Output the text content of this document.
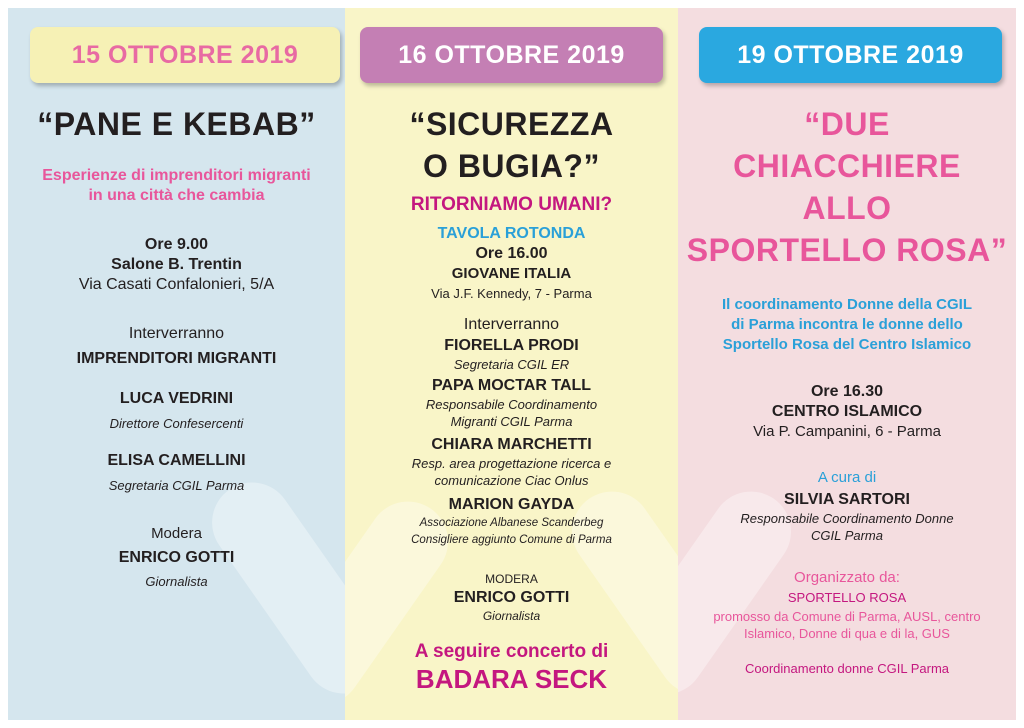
15 OTTOBRE 2019
“PANE E KEBAB”
Esperienze di imprenditori migranti
in una città che cambia
Ore 9.00
Salone B. Trentin
Via Casati Confalonieri, 5/A
Interverranno
IMPRENDITORI MIGRANTI
LUCA VEDRINI
Direttore Confesercenti
ELISA CAMELLINI
Segretaria CGIL Parma
Modera
ENRICO GOTTI
Giornalista
16 OTTOBRE 2019
“SICUREZZA
O BUGIA?”
RITORNIAMO UMANI?
TAVOLA ROTONDA
Ore 16.00
GIOVANE ITALIA
Via J.F. Kennedy, 7 - Parma
Interverranno
FIORELLA PRODI
Segretaria CGIL ER
PAPA MOCTAR TALL
Responsabile Coordinamento
Migranti CGIL Parma
CHIARA MARCHETTI
Resp. area progettazione ricerca e
comunicazione Ciac Onlus
MARION GAYDA
Associazione Albanese Scanderbeg
Consigliere aggiunto Comune di Parma
MODERA
ENRICO GOTTI
Giornalista
A seguire concerto di
BADARA SECK
19 OTTOBRE 2019
“DUE
CHIACCHIERE
ALLO
SPORTELLO ROSA”
Il coordinamento Donne della CGIL
di Parma incontra le donne dello
Sportello Rosa del Centro Islamico
Ore 16.30
CENTRO ISLAMICO
Via P. Campanini, 6 - Parma
A cura di
SILVIA SARTORI
Responsabile Coordinamento Donne
CGIL Parma
Organizzato da:
SPORTELLO ROSA
promosso da Comune di Parma, AUSL, centro
Islamico, Donne di qua e di la, GUS
Coordinamento donne CGIL Parma
